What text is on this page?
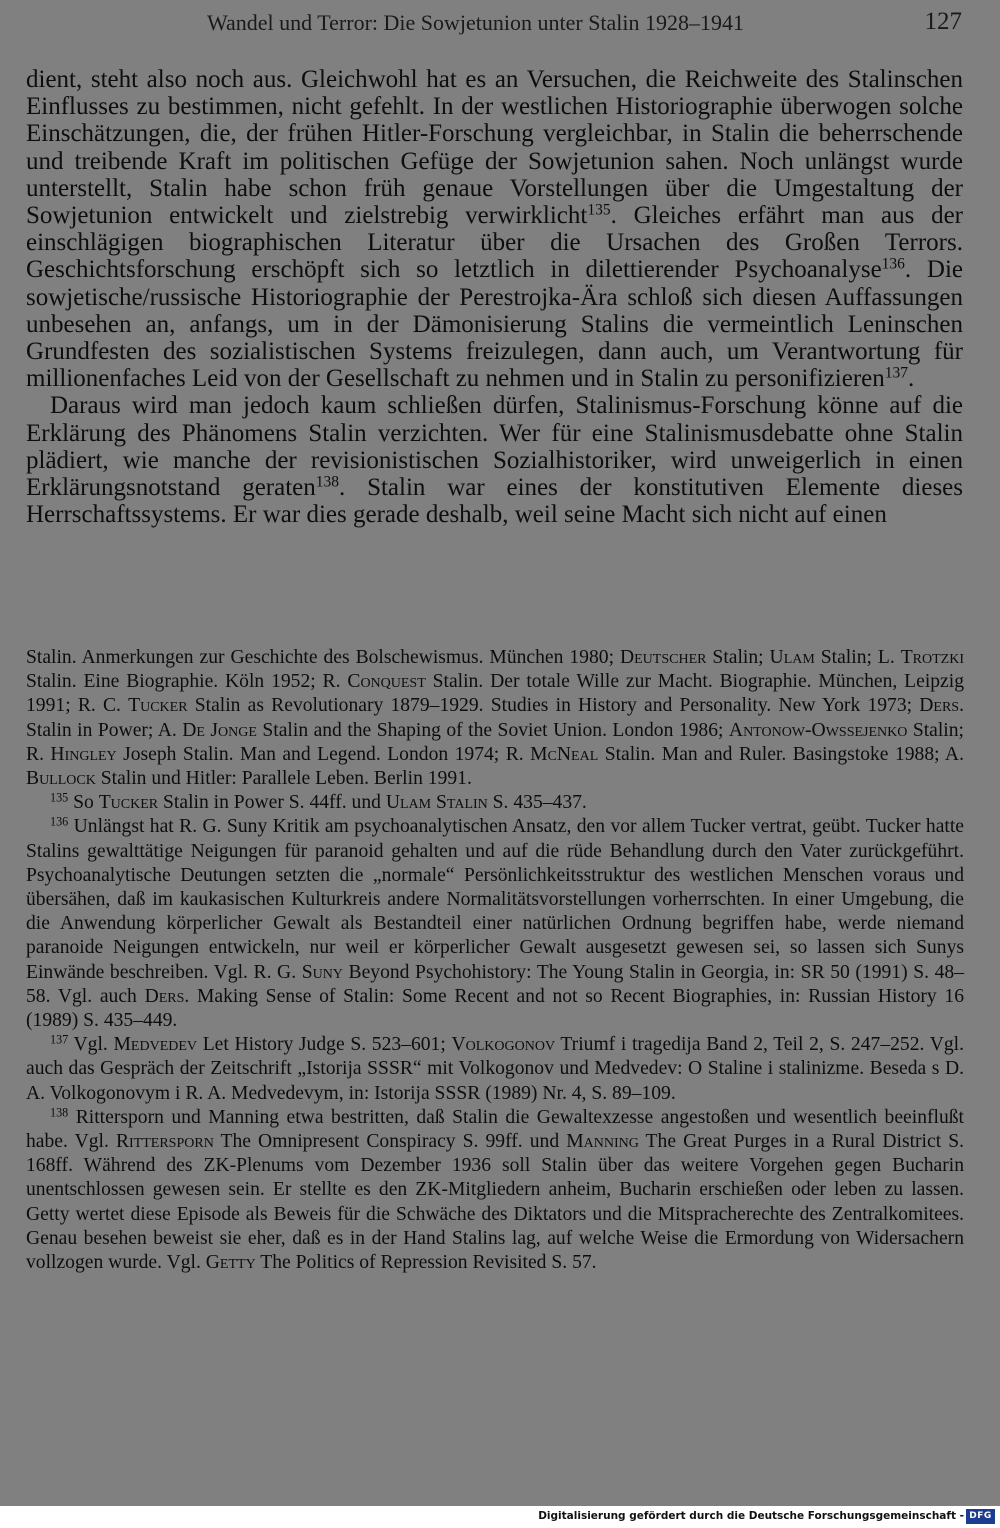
Wandel und Terror: Die Sowjetunion unter Stalin 1928–1941	127

dient, steht also noch aus. Gleichwohl hat es an Versuchen, die Reichweite des Stalinschen Einflusses zu bestimmen, nicht gefehlt. In der westlichen Historiographie überwogen solche Einschätzungen, die, der frühen Hitler-Forschung vergleichbar, in Stalin die beherrschende und treibende Kraft im politischen Gefüge der Sowjetunion sahen. Noch unlängst wurde unterstellt, Stalin habe schon früh genaue Vorstellungen über die Umgestaltung der Sowjetunion entwickelt und zielstrebig verwirklicht$^{135}$. Gleiches erfährt man aus der einschlägigen biographischen Literatur über die Ursachen des Großen Terrors. Geschichtsforschung erschöpft sich so letztlich in dilettierender Psychoanalyse$^{136}$. Die sowjetische/russische Historiographie der Perestrojka-Ära schloß sich diesen Auffassungen unbesehen an, anfangs, um in der Dämonisierung Stalins die vermeintlich Leninschen Grundfesten des sozialistischen Systems freizulegen, dann auch, um Verantwortung für millionenfaches Leid von der Gesellschaft zu nehmen und in Stalin zu personifizieren$^{137}$.

Daraus wird man jedoch kaum schließen dürfen, Stalinismus-Forschung könne auf die Erklärung des Phänomens Stalin verzichten. Wer für eine Stalinismusdebatte ohne Stalin plädiert, wie manche der revisionistischen Sozialhistoriker, wird unweigerlich in einen Erklärungsnotstand geraten$^{138}$. Stalin war eines der konstitutiven Elemente dieses Herrschaftssystems. Er war dies gerade deshalb, weil seine Macht sich nicht auf einen

Stalin. Anmerkungen zur Geschichte des Bolschewismus. München 1980; Deutscher Stalin; Ulam Stalin; L. Trotzki Stalin. Eine Biographie. Köln 1952; R. Conquest Stalin. Der totale Wille zur Macht. Biographie. München, Leipzig 1991; R. C. Tucker Stalin as Revolutionary 1879–1929. Studies in History and Personality. New York 1973; Ders. Stalin in Power; A. De Jonge Stalin and the Shaping of the Soviet Union. London 1986; Antonow-Owssejenko Stalin; R. Hingley Joseph Stalin. Man and Legend. London 1974; R. McNeal Stalin. Man and Ruler. Basingstoke 1988; A. Bullock Stalin und Hitler: Parallele Leben. Berlin 1991.

$^{135}$ So Tucker Stalin in Power S. 44ff. und Ulam Stalin S. 435–437.

$^{136}$ Unlängst hat R. G. Suny Kritik am psychoanalytischen Ansatz, den vor allem Tucker vertrat, geübt. Tucker hatte Stalins gewalttätige Neigungen für paranoid gehalten und auf die rüde Behandlung durch den Vater zurückgeführt. Psychoanalytische Deutungen setzten die „normale“ Persönlichkeitsstruktur des westlichen Menschen voraus und übersähen, daß im kaukasischen Kulturkreis andere Normalitätsvorstellungen vorherrschten. In einer Umgebung, die die Anwendung körperlicher Gewalt als Bestandteil einer natürlichen Ordnung begriffen habe, werde niemand paranoide Neigungen entwickeln, nur weil er körperlicher Gewalt ausgesetzt gewesen sei, so lassen sich Sunys Einwände beschreiben. Vgl. R. G. Suny Beyond Psychohistory: The Young Stalin in Georgia, in: SR 50 (1991) S. 48–58. Vgl. auch Ders. Making Sense of Stalin: Some Recent and not so Recent Biographies, in: Russian History 16 (1989) S. 435–449.

$^{137}$ Vgl. Medvedev Let History Judge S. 523–601; Volkogonov Triumf i tragedija Band 2, Teil 2, S. 247–252. Vgl. auch das Gespräch der Zeitschrift „Istorija SSSR“ mit Volkogonov und Medvedev: O Staline i stalinizme. Beseda s D. A. Volkogonovym i R. A. Medvedevym, in: Istorija SSSR (1989) Nr. 4, S. 89–109.

$^{138}$ Rittersporn und Manning etwa bestritten, daß Stalin die Gewaltexzesse angestoßen und wesentlich beeinflußt habe. Vgl. Rittersporn The Omnipresent Conspiracy S. 99ff. und Manning The Great Purges in a Rural District S. 168ff. Während des ZK-Plenums vom Dezember 1936 soll Stalin über das weitere Vorgehen gegen Bucharin unentschlossen gewesen sein. Er stellte es den ZK-Mitgliedern anheim, Bucharin erschießen oder leben zu lassen. Getty wertet diese Episode als Beweis für die Schwäche des Diktators und die Mitspracherechte des Zentralkomitees. Genau besehen beweist sie eher, daß es in der Hand Stalins lag, auf welche Weise die Ermordung von Widersachern vollzogen wurde. Vgl. Getty The Politics of Repression Revisited S. 57.

Digitalisierung gefördert durch die Deutsche Forschungsgemeinschaft - DFG
